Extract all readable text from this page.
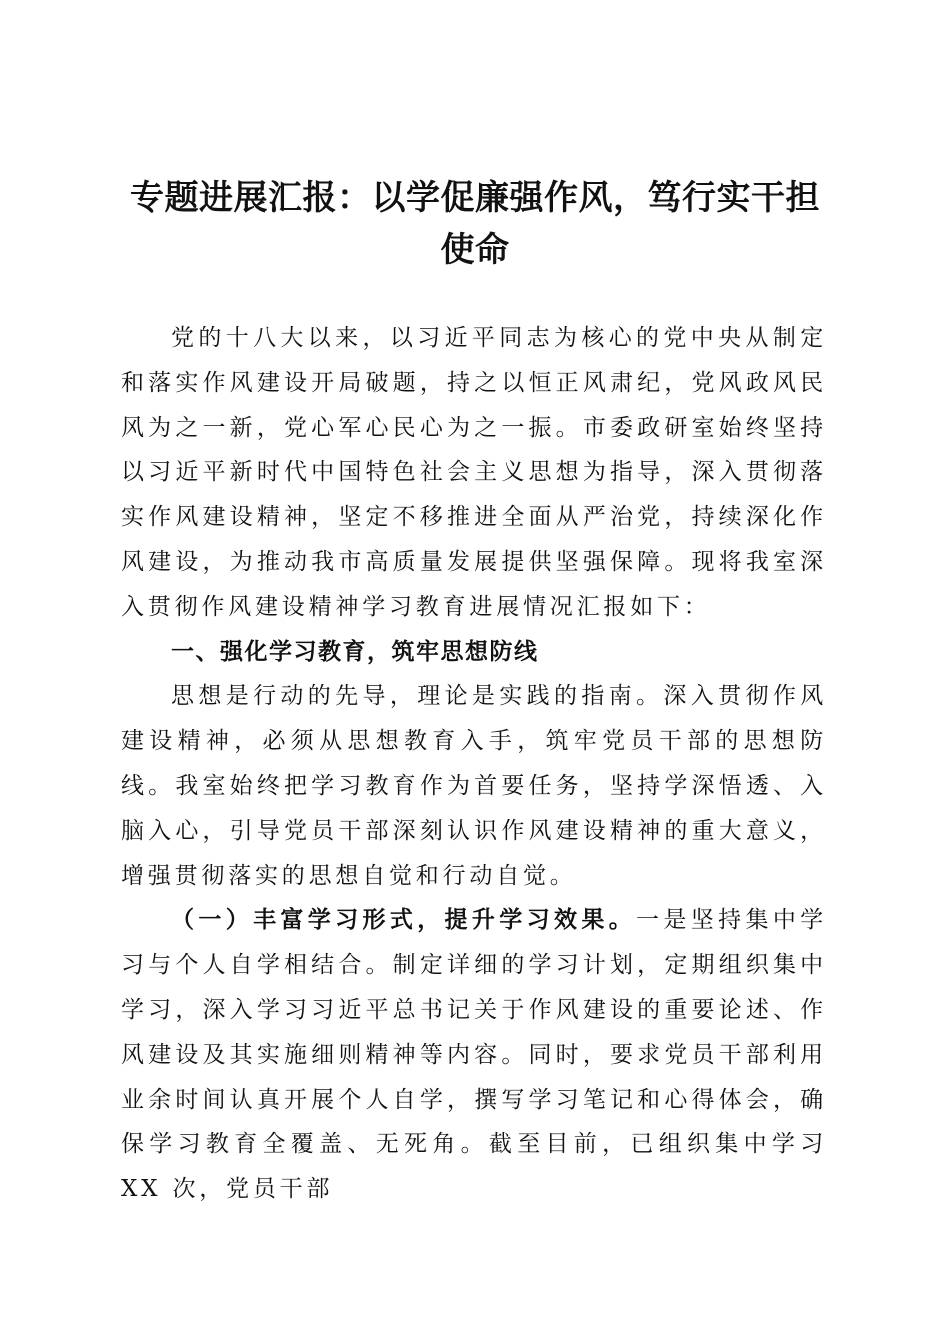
专题进展汇报：以学促廉强作风，笃行实干担
使命

党的十八大以来，以习近平同志为核心的党中央从制定和落实作风建设开局破题，持之以恒正风肃纪，党风政风民风为之一新，党心军心民心为之一振。市委政研室始终坚持以习近平新时代中国特色社会主义思想为指导，深入贯彻落实作风建设精神，坚定不移推进全面从严治党，持续深化作风建设，为推动我市高质量发展提供坚强保障。现将我室深入贯彻作风建设精神学习教育进展情况汇报如下：

一、强化学习教育，筑牢思想防线

思想是行动的先导，理论是实践的指南。深入贯彻作风建设精神，必须从思想教育入手，筑牢党员干部的思想防线。我室始终把学习教育作为首要任务，坚持学深悟透、入脑入心，引导党员干部深刻认识作风建设精神的重大意义，增强贯彻落实的思想自觉和行动自觉。

（一）丰富学习形式，提升学习效果。一是坚持集中学习与个人自学相结合。制定详细的学习计划，定期组织集中学习，深入学习习近平总书记关于作风建设的重要论述、作风建设及其实施细则精神等内容。同时，要求党员干部利用业余时间认真开展个人自学，撰写学习笔记和心得体会，确保学习教育全覆盖、无死角。截至目前，已组织集中学习 XX 次，党员干部
